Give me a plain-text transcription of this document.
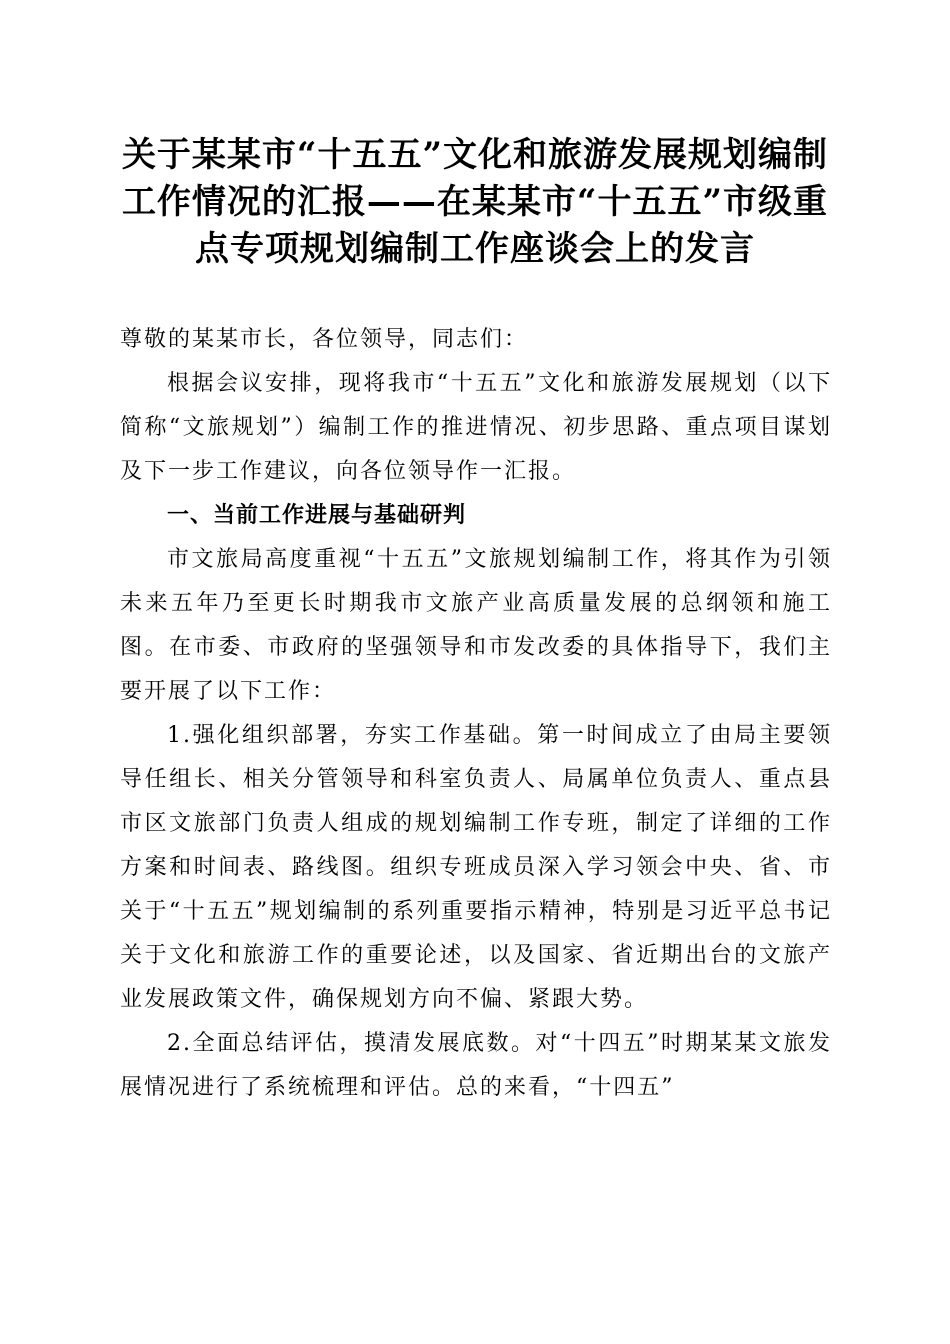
关于某某市“十五五”文化和旅游发展规划编制工作情况的汇报——在某某市“十五五”市级重点专项规划编制工作座谈会上的发言

尊敬的某某市长，各位领导，同志们：

根据会议安排，现将我市“十五五”文化和旅游发展规划（以下简称“文旅规划”）编制工作的推进情况、初步思路、重点项目谋划及下一步工作建议，向各位领导作一汇报。

一、当前工作进展与基础研判

市文旅局高度重视“十五五”文旅规划编制工作，将其作为引领未来五年乃至更长时期我市文旅产业高质量发展的总纲领和施工图。在市委、市政府的坚强领导和市发改委的具体指导下，我们主要开展了以下工作：

1.强化组织部署，夯实工作基础。第一时间成立了由局主要领导任组长、相关分管领导和科室负责人、局属单位负责人、重点县市区文旅部门负责人组成的规划编制工作专班，制定了详细的工作方案和时间表、路线图。组织专班成员深入学习领会中央、省、市关于“十五五”规划编制的系列重要指示精神，特别是习近平总书记关于文化和旅游工作的重要论述，以及国家、省近期出台的文旅产业发展政策文件，确保规划方向不偏、紧跟大势。

2.全面总结评估，摸清发展底数。对“十四五”时期某某文旅发展情况进行了系统梳理和评估。总的来看，“十四五”
